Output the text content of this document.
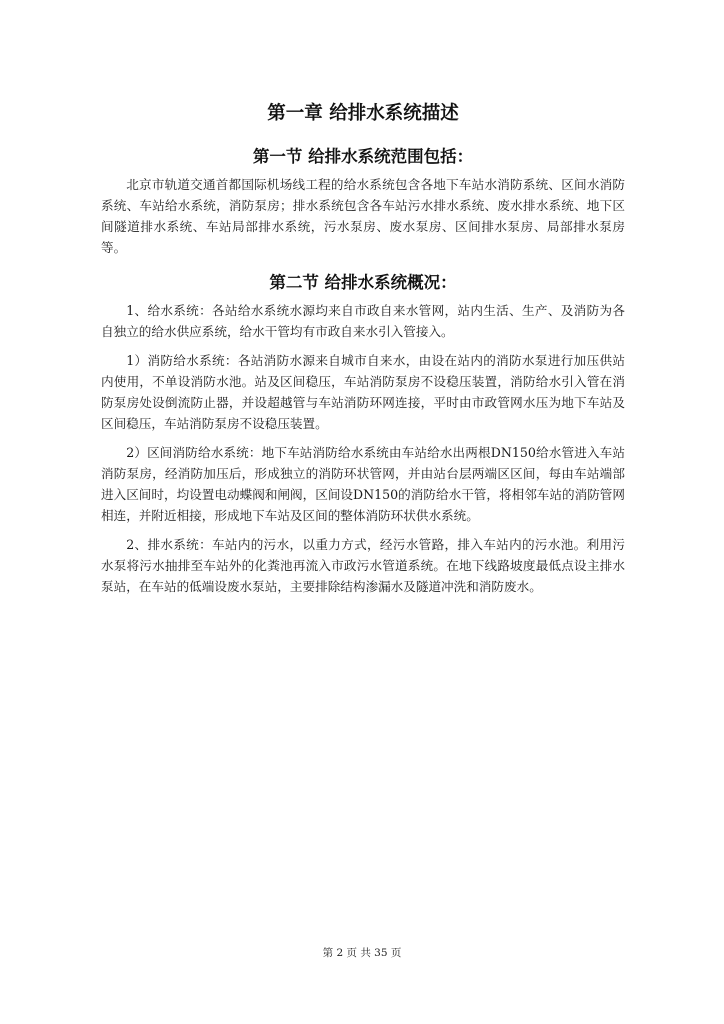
第一章 给排水系统描述
第一节 给排水系统范围包括：

北京市轨道交通首都国际机场线工程的给水系统包含各地下车站水消防系统、区间水消防系统、车站给水系统，消防泵房；排水系统包含各车站污水排水系统、废水排水系统、地下区间隧道排水系统、车站局部排水系统，污水泵房、废水泵房、区间排水泵房、局部排水泵房等。

第二节 给排水系统概况：

1、给水系统：各站给水系统水源均来自市政自来水管网，站内生活、生产、及消防为各自独立的给水供应系统，给水干管均有市政自来水引入管接入。

1）消防给水系统：各站消防水源来自城市自来水，由设在站内的消防水泵进行加压供站内使用，不单设消防水池。站及区间稳压，车站消防泵房不设稳压装置，消防给水引入管在消防泵房处设倒流防止器，并设超越管与车站消防环网连接，平时由市政管网水压为地下车站及区间稳压，车站消防泵房不设稳压装置。

2）区间消防给水系统：地下车站消防给水系统由车站给水出两根DN150给水管进入车站消防泵房，经消防加压后，形成独立的消防环状管网，并由站台层两端区区间，每由车站端部进入区间时，均设置电动蝶阀和闸阀，区间设DN150的消防给水干管，将相邻车站的消防管网相连，并附近相接，形成地下车站及区间的整体消防环状供水系统。

2、排水系统：车站内的污水，以重力方式，经污水管路，排入车站内的污水池。利用污水泵将污水抽排至车站外的化粪池再流入市政污水管道系统。在地下线路坡度最低点设主排水泵站，在车站的低端设废水泵站，主要排除结构渗漏水及隧道冲洗和消防废水。

第 2 页 共 35 页
